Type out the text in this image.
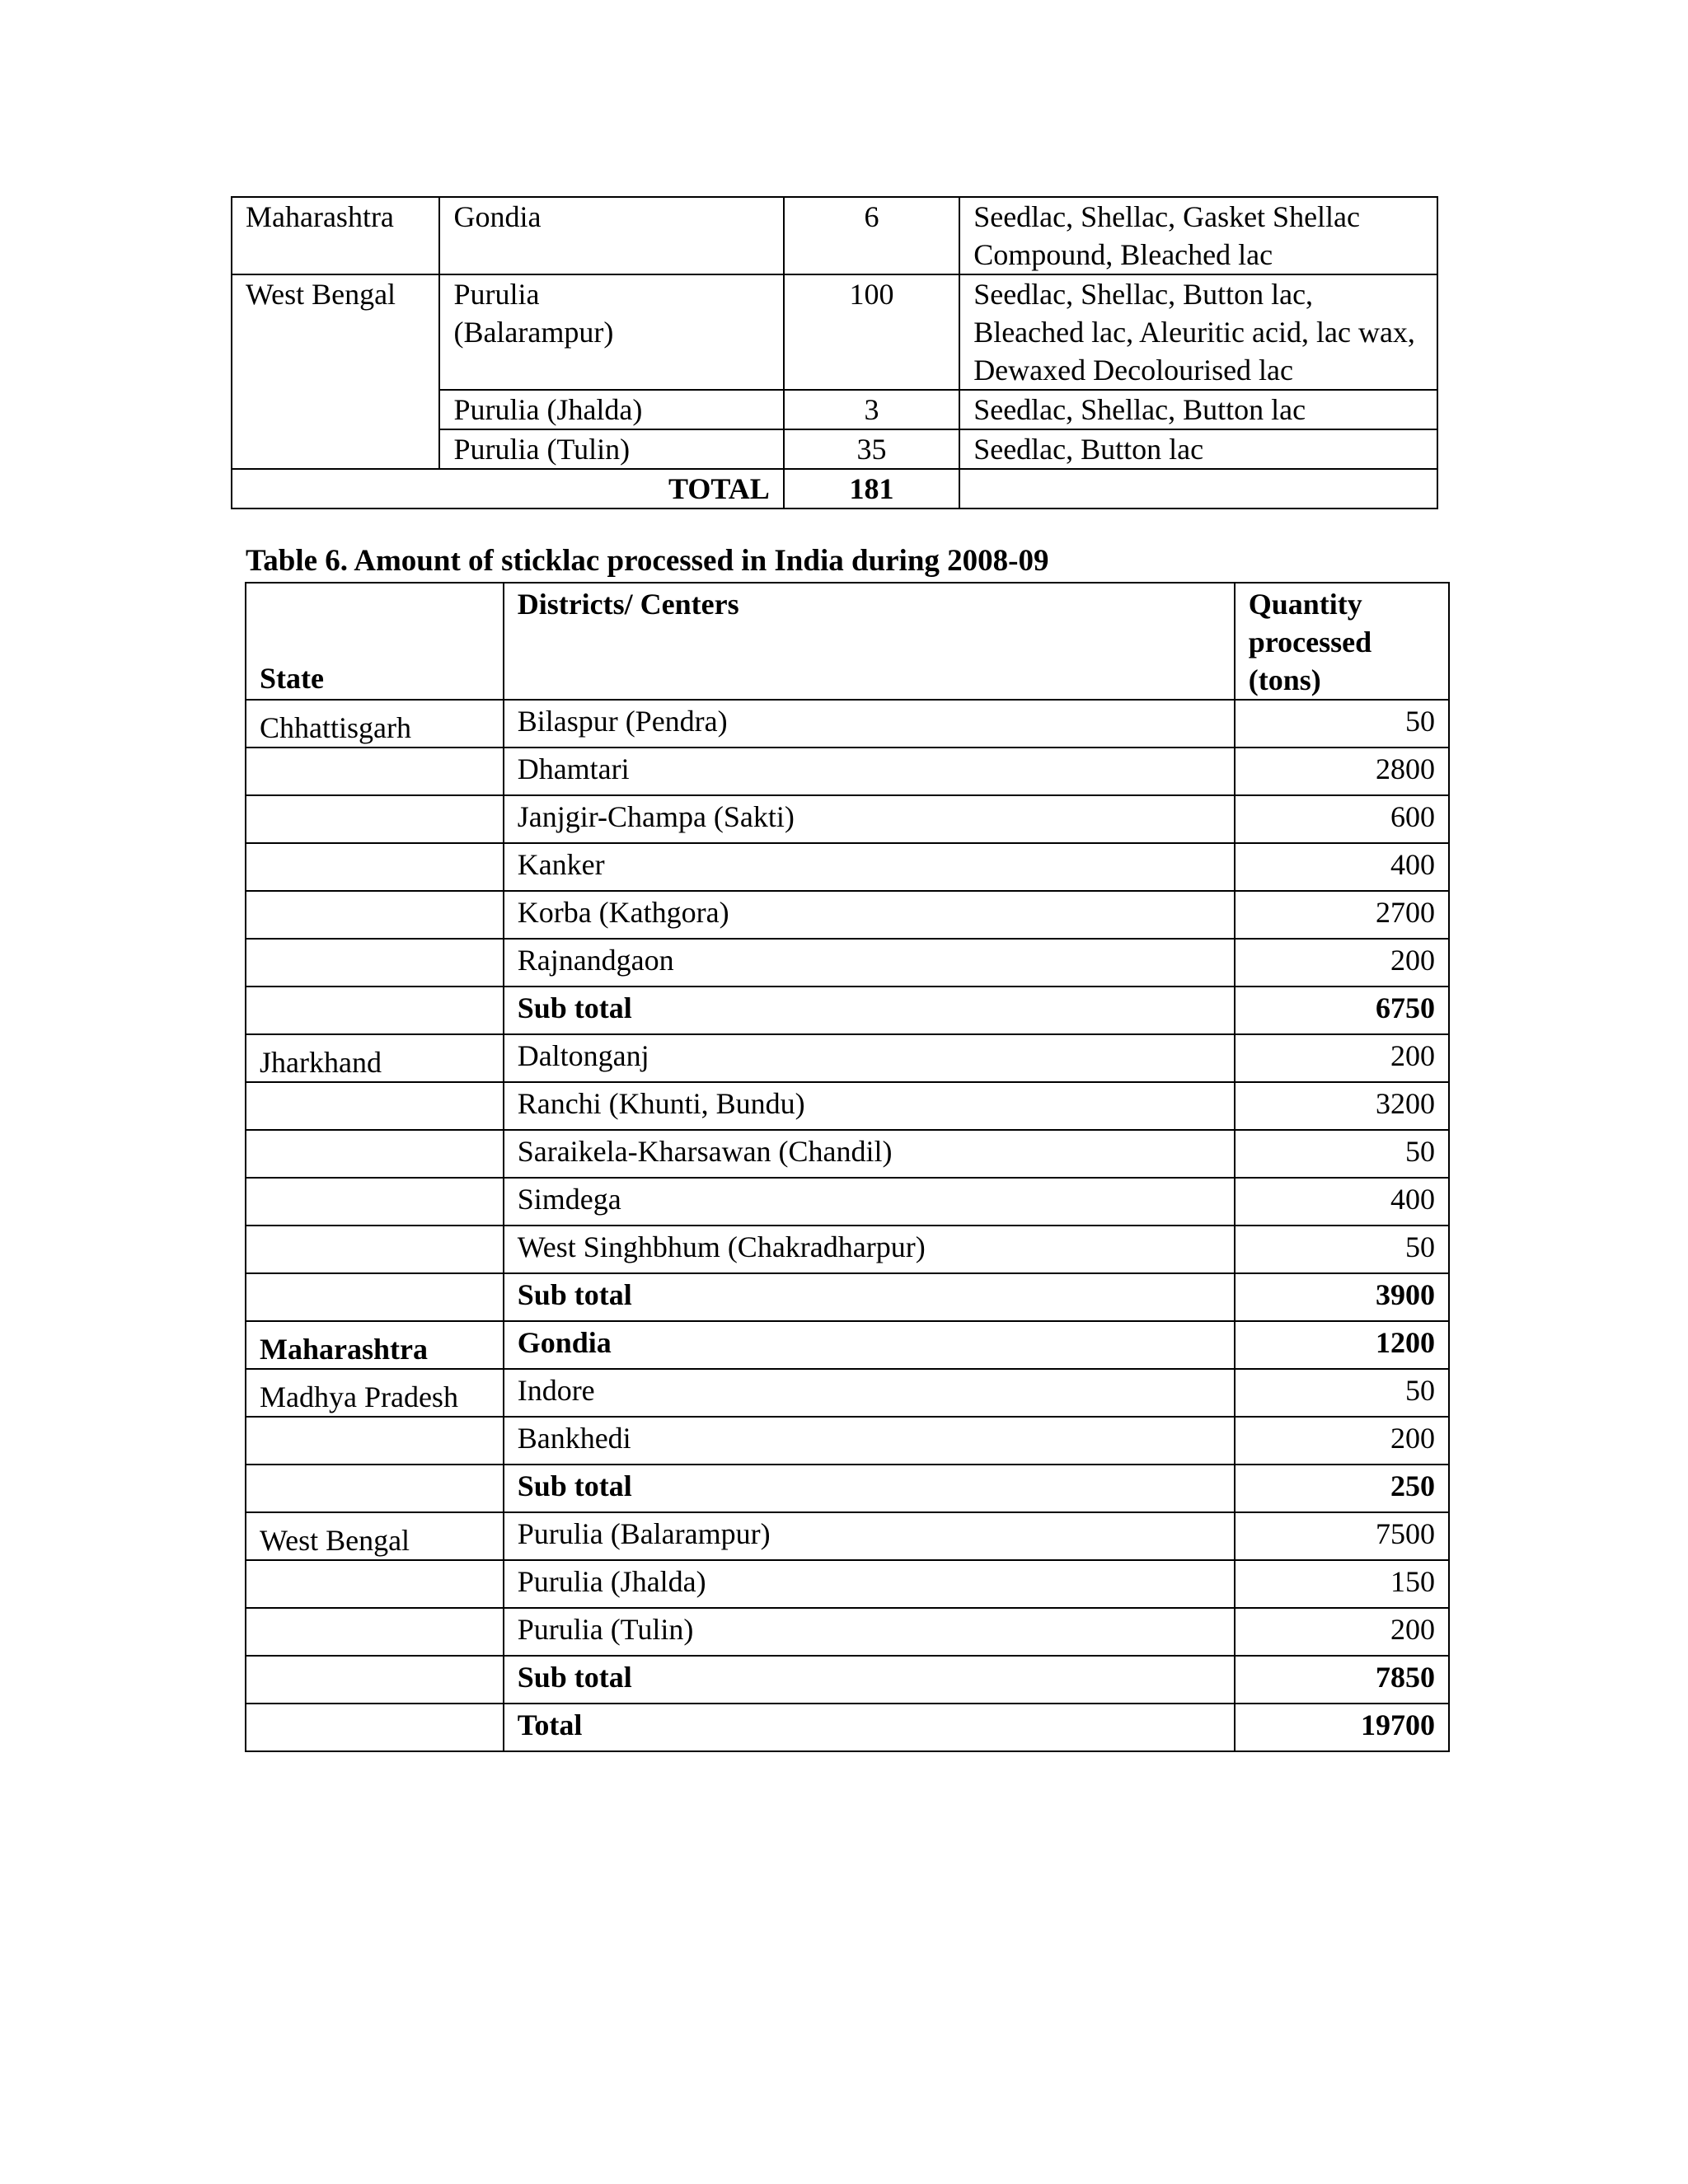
Maharashtra	Gondia	6	Seedlac, Shellac, Gasket Shellac Compound, Bleached lac
West Bengal	Purulia (Balarampur)	100	Seedlac, Shellac, Button lac, Bleached lac, Aleuritic acid, lac wax, Dewaxed Decolourised lac
	Purulia (Jhalda)	3	Seedlac, Shellac, Button lac
	Purulia (Tulin)	35	Seedlac, Button lac
TOTAL		181	
Table 6. Amount of sticklac processed in India during 2008-09
State	Districts/ Centers	Quantity processed (tons)
Chhattisgarh	Bilaspur (Pendra)	50
	Dhamtari	2800
	Janjgir-Champa (Sakti)	600
	Kanker	400
	Korba (Kathgora)	2700
	Rajnandgaon	200
	Sub total	6750
Jharkhand	Daltonganj	200
	Ranchi (Khunti, Bundu)	3200
	Saraikela-Kharsawan (Chandil)	50
	Simdega	400
	West Singhbhum (Chakradharpur)	50
	Sub total	3900
Maharashtra	Gondia	1200
Madhya Pradesh	Indore	50
	Bankhedi	200
	Sub total	250
West Bengal	Purulia (Balarampur)	7500
	Purulia (Jhalda)	150
	Purulia (Tulin)	200
	Sub total	7850
	Total	19700
